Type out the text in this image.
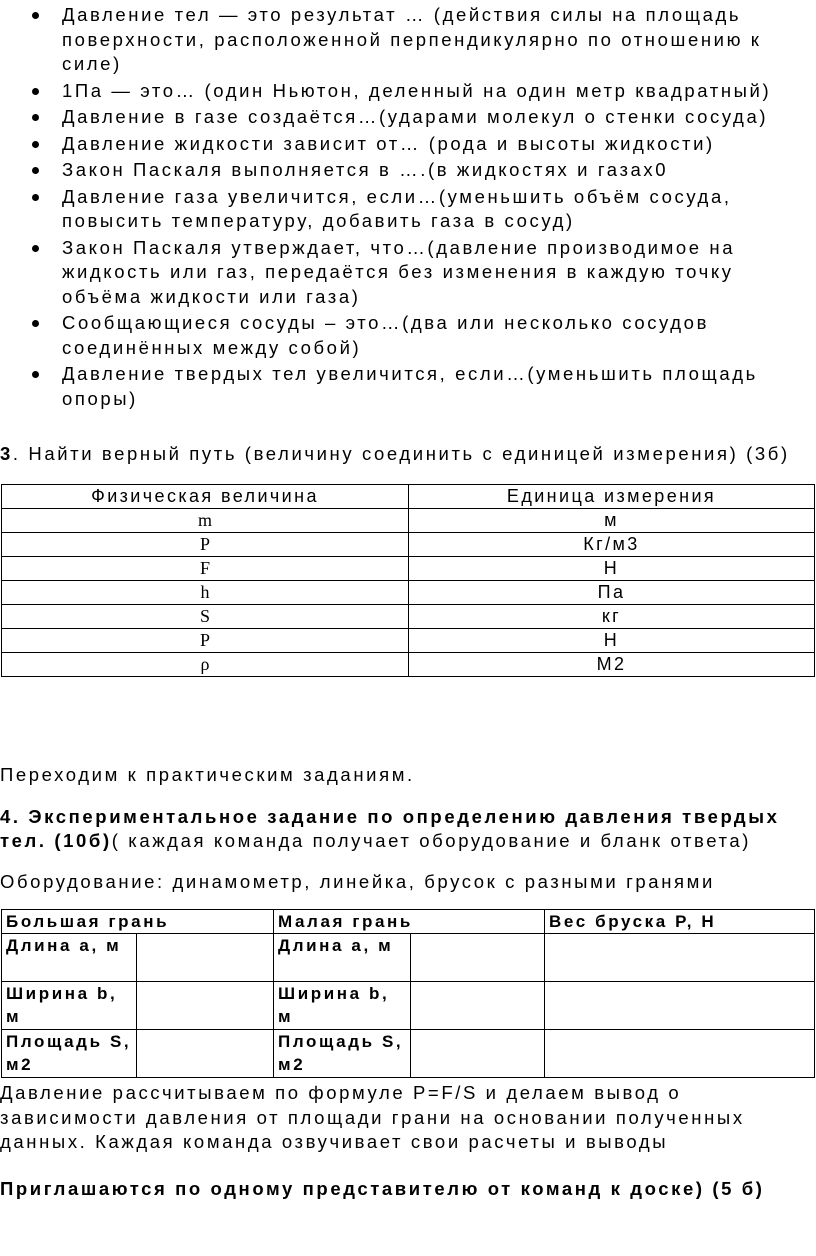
Давление тел — это результат … (действия силы на площадь поверхности, расположенной перпендикулярно по отношению к силе)
1Па — это… (один Ньютон, деленный на один метр квадратный)
Давление в газе создаётся…(ударами молекул о стенки сосуда)
Давление жидкости зависит от… (рода и высоты жидкости)
Закон Паскаля выполняется в ….(в жидкостях и газах0
Давление газа увеличится, если…(уменьшить объём сосуда, повысить температуру, добавить газа в сосуд)
Закон Паскаля утверждает, что…(давление производимое на жидкость или газ, передаётся без изменения в каждую точку объёма жидкости или газа)
Сообщающиеся сосуды – это…(два или несколько сосудов соединённых между собой)
Давление твердых тел увеличится, если…(уменьшить площадь опоры)
3. Найти верный путь (величину соединить с единицей измерения) (3б)
Физическая величина	Единица измерения
m	м
P	Кг/м3
F	Н
h	Па
S	кг
P	Н
ρ	М2
Переходим к практическим заданиям.
4. Экспериментальное задание по определению давления твердых
тел. (10б)( каждая команда получает оборудование и бланк ответа)
Оборудование: динамометр, линейка, брусок с разными гранями
Большая грань		Малая грань		Вес бруска Р, Н
Длина а, м		Длина а, м		
Ширина b, м		Ширина b, м		
Площадь S, м2		Площадь S, м2		
Давление рассчитываем по формуле P=F/S и делаем вывод о зависимости давления от площади грани на основании полученных данных. Каждая команда озвучивает свои расчеты и выводы
Приглашаются по одному представителю от команд к доске) (5 б)
